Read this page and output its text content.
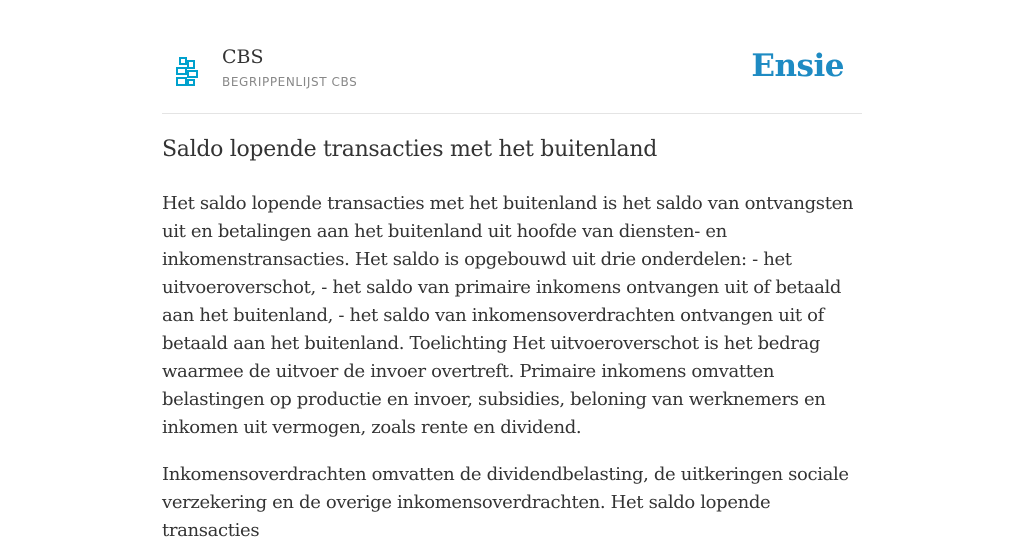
CBS
BEGRIPPENLIJST CBS	Ensie
Saldo lopende transacties met het buitenland

Het saldo lopende transacties met het buitenland is het saldo van ontvangsten uit en betalingen aan het buitenland uit hoofde van diensten- en inkomenstransacties. Het saldo is opgebouwd uit drie onderdelen: - het uitvoeroverschot, - het saldo van primaire inkomens ontvangen uit of betaald aan het buitenland, - het saldo van inkomensoverdrachten ontvangen uit of betaald aan het buitenland. Toelichting Het uitvoeroverschot is het bedrag waarmee de uitvoer de invoer overtreft. Primaire inkomens omvatten belastingen op productie en invoer, subsidies, beloning van werknemers en inkomen uit vermogen, zoals rente en dividend.

Inkomensoverdrachten omvatten de dividendbelasting, de uitkeringen sociale verzekering en de overige inkomensoverdrachten. Het saldo lopende transacties
